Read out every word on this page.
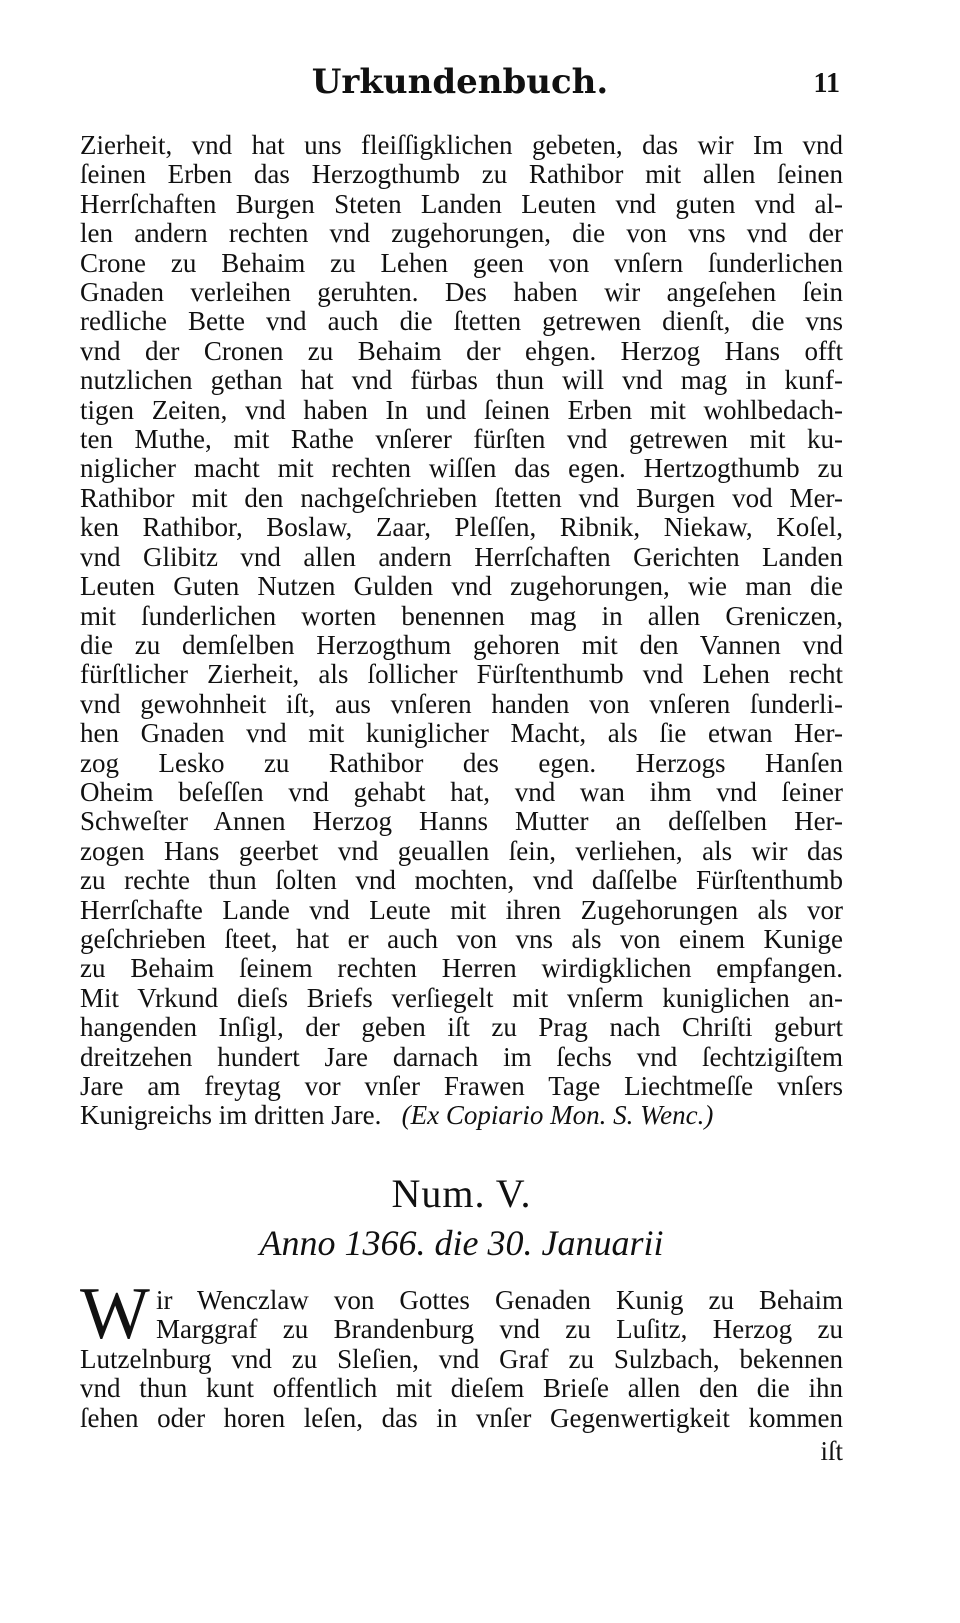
Urkundenbuch.	11
Zierheit, vnd hat uns fleiſſigklichen gebeten, das wir Im vnd
ſeinen Erben das Herzogthumb zu Rathibor mit allen ſeinen
Herrſchaften Burgen Steten Landen Leuten vnd guten vnd al-
len andern rechten vnd zugehorungen, die von vns vnd der
Crone zu Behaim zu Lehen geen von vnſern ſunderlichen
Gnaden verleihen geruhten. Des haben wir angeſehen ſein
redliche Bette vnd auch die ſtetten getrewen dienſt, die vns
vnd der Cronen zu Behaim der ehgen. Herzog Hans offt
nutzlichen gethan hat vnd fürbas thun will vnd mag in kunf-
tigen Zeiten, vnd haben In und ſeinen Erben mit wohlbedach-
ten Muthe, mit Rathe vnſerer fürſten vnd getrewen mit ku-
niglicher macht mit rechten wiſſen das egen. Hertzogthumb zu
Rathibor mit den nachgeſchrieben ſtetten vnd Burgen vod Mer-
ken Rathibor, Boslaw, Zaar, Pleſſen, Ribnik, Niekaw, Koſel,
vnd Glibitz vnd allen andern Herrſchaften Gerichten Landen
Leuten Guten Nutzen Gulden vnd zugehorungen, wie man die
mit ſunderlichen worten benennen mag in allen Greniczen,
die zu demſelben Herzogthum gehoren mit den Vannen vnd
fürſtlicher Zierheit, als ſollicher Fürſtenthumb vnd Lehen recht
vnd gewohnheit iſt, aus vnſeren handen von vnſeren ſunderli-
hen Gnaden vnd mit kuniglicher Macht, als ſie etwan Her-
zog Lesko zu Rathibor des egen. Herzogs Hanſen
Oheim beſeſſen vnd gehabt hat, vnd wan ihm vnd ſeiner
Schweſter Annen Herzog Hanns Mutter an deſſelben Her-
zogen Hans geerbet vnd geuallen ſein, verliehen, als wir das
zu rechte thun ſolten vnd mochten, vnd daſſelbe Fürſtenthumb
Herrſchafte Lande vnd Leute mit ihren Zugehorungen als vor
geſchrieben ſteet, hat er auch von vns als von einem Kunige
zu Behaim ſeinem rechten Herren wirdigklichen empfangen.
Mit Vrkund dieſs Briefs verſiegelt mit vnſerm kuniglichen an-
hangenden Inſigl, der geben iſt zu Prag nach Chriſti geburt
dreitzehen hundert Jare darnach im ſechs vnd ſechtzigiſtem
Jare am freytag vor vnſer Frawen Tage Liechtmeſſe vnſers
Kunigreichs im dritten Jare. (Ex Copiario Mon. S. Wenc.)
Num. V.
Anno 1366. die 30. Januarii
W ir Wenczlaw von Gottes Genaden Kunig zu Behaim
Marggraf zu Brandenburg vnd zu Luſitz, Herzog zu
Lutzelnburg vnd zu Sleſien, vnd Graf zu Sulzbach, bekennen
vnd thun kunt offentlich mit dieſem Brieſe allen den die ihn
ſehen oder horen leſen, das in vnſer Gegenwertigkeit kommen
iſt
